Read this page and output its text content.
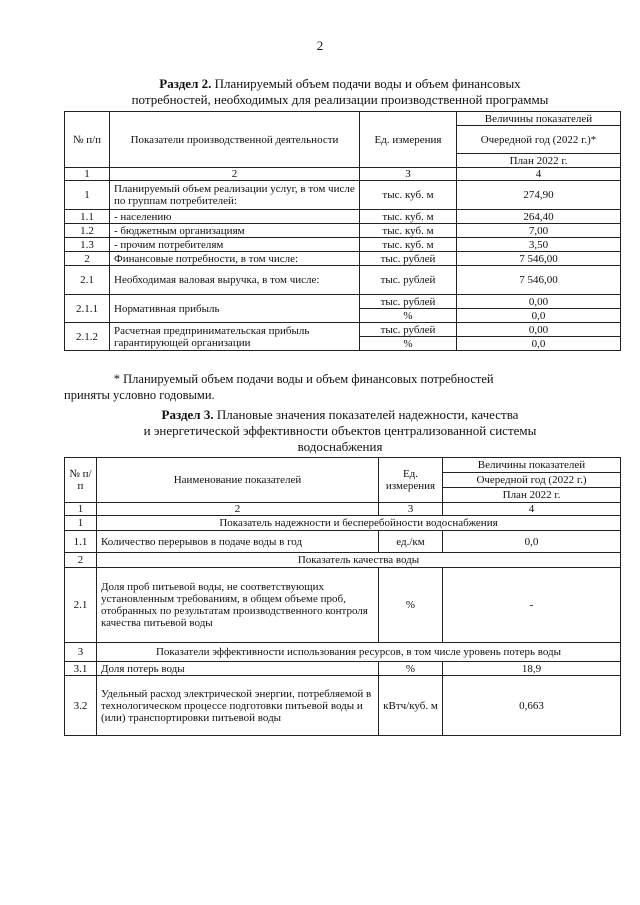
2
Раздел 2. Планируемый объем подачи воды и объем финансовых
потребностей, необходимых для реализации производственной программы
№ п/п	Показатели производственной деятельности	Ед. измерения	Величины показателей
			Очередной год (2022 г.)*
			План 2022 г.
1	2	3	4
1	Планируемый объем реализации услуг, в том числе по группам потребителей:	тыс. куб. м	274,90
1.1	- населению	тыс. куб. м	264,40
1.2	- бюджетным организациям	тыс. куб. м	7,00
1.3	- прочим потребителям	тыс. куб. м	3,50
2	Финансовые потребности, в том числе:	тыс. рублей	7 546,00
2.1	Необходимая валовая выручка, в том числе:	тыс. рублей	7 546,00
2.1.1	Нормативная прибыль	тыс. рублей	0,00
		%	0,0
2.1.2	Расчетная предпринимательская прибыль гарантирующей организации	тыс. рублей	0,00
		%	0,0
* Планируемый объем подачи воды и объем финансовых потребностей
приняты условно годовыми.
Раздел 3. Плановые значения показателей надежности, качества
и энергетической эффективности объектов централизованной системы
водоснабжения
№ п/п	Наименование показателей	Ед. измерения	Величины показателей
			Очередной год (2022 г.)
			План 2022 г.
1	2	3	4
1	Показатель надежности и бесперебойности водоснабжения		
1.1	Количество перерывов в подаче воды в год	ед./км	0,0
2	Показатель качества воды		
2.1	Доля проб питьевой воды, не соответствующих установленным требованиям, в общем объеме проб, отобранных по результатам производственного контроля качества питьевой воды	%	-
3	Показатели эффективности использования ресурсов, в том числе уровень потерь воды		
3.1	Доля потерь воды	%	18,9
3.2	Удельный расход электрической энергии, потребляемой в технологическом процессе подготовки питьевой воды и (или) транспортировки питьевой воды	кВтч/куб. м	0,663
